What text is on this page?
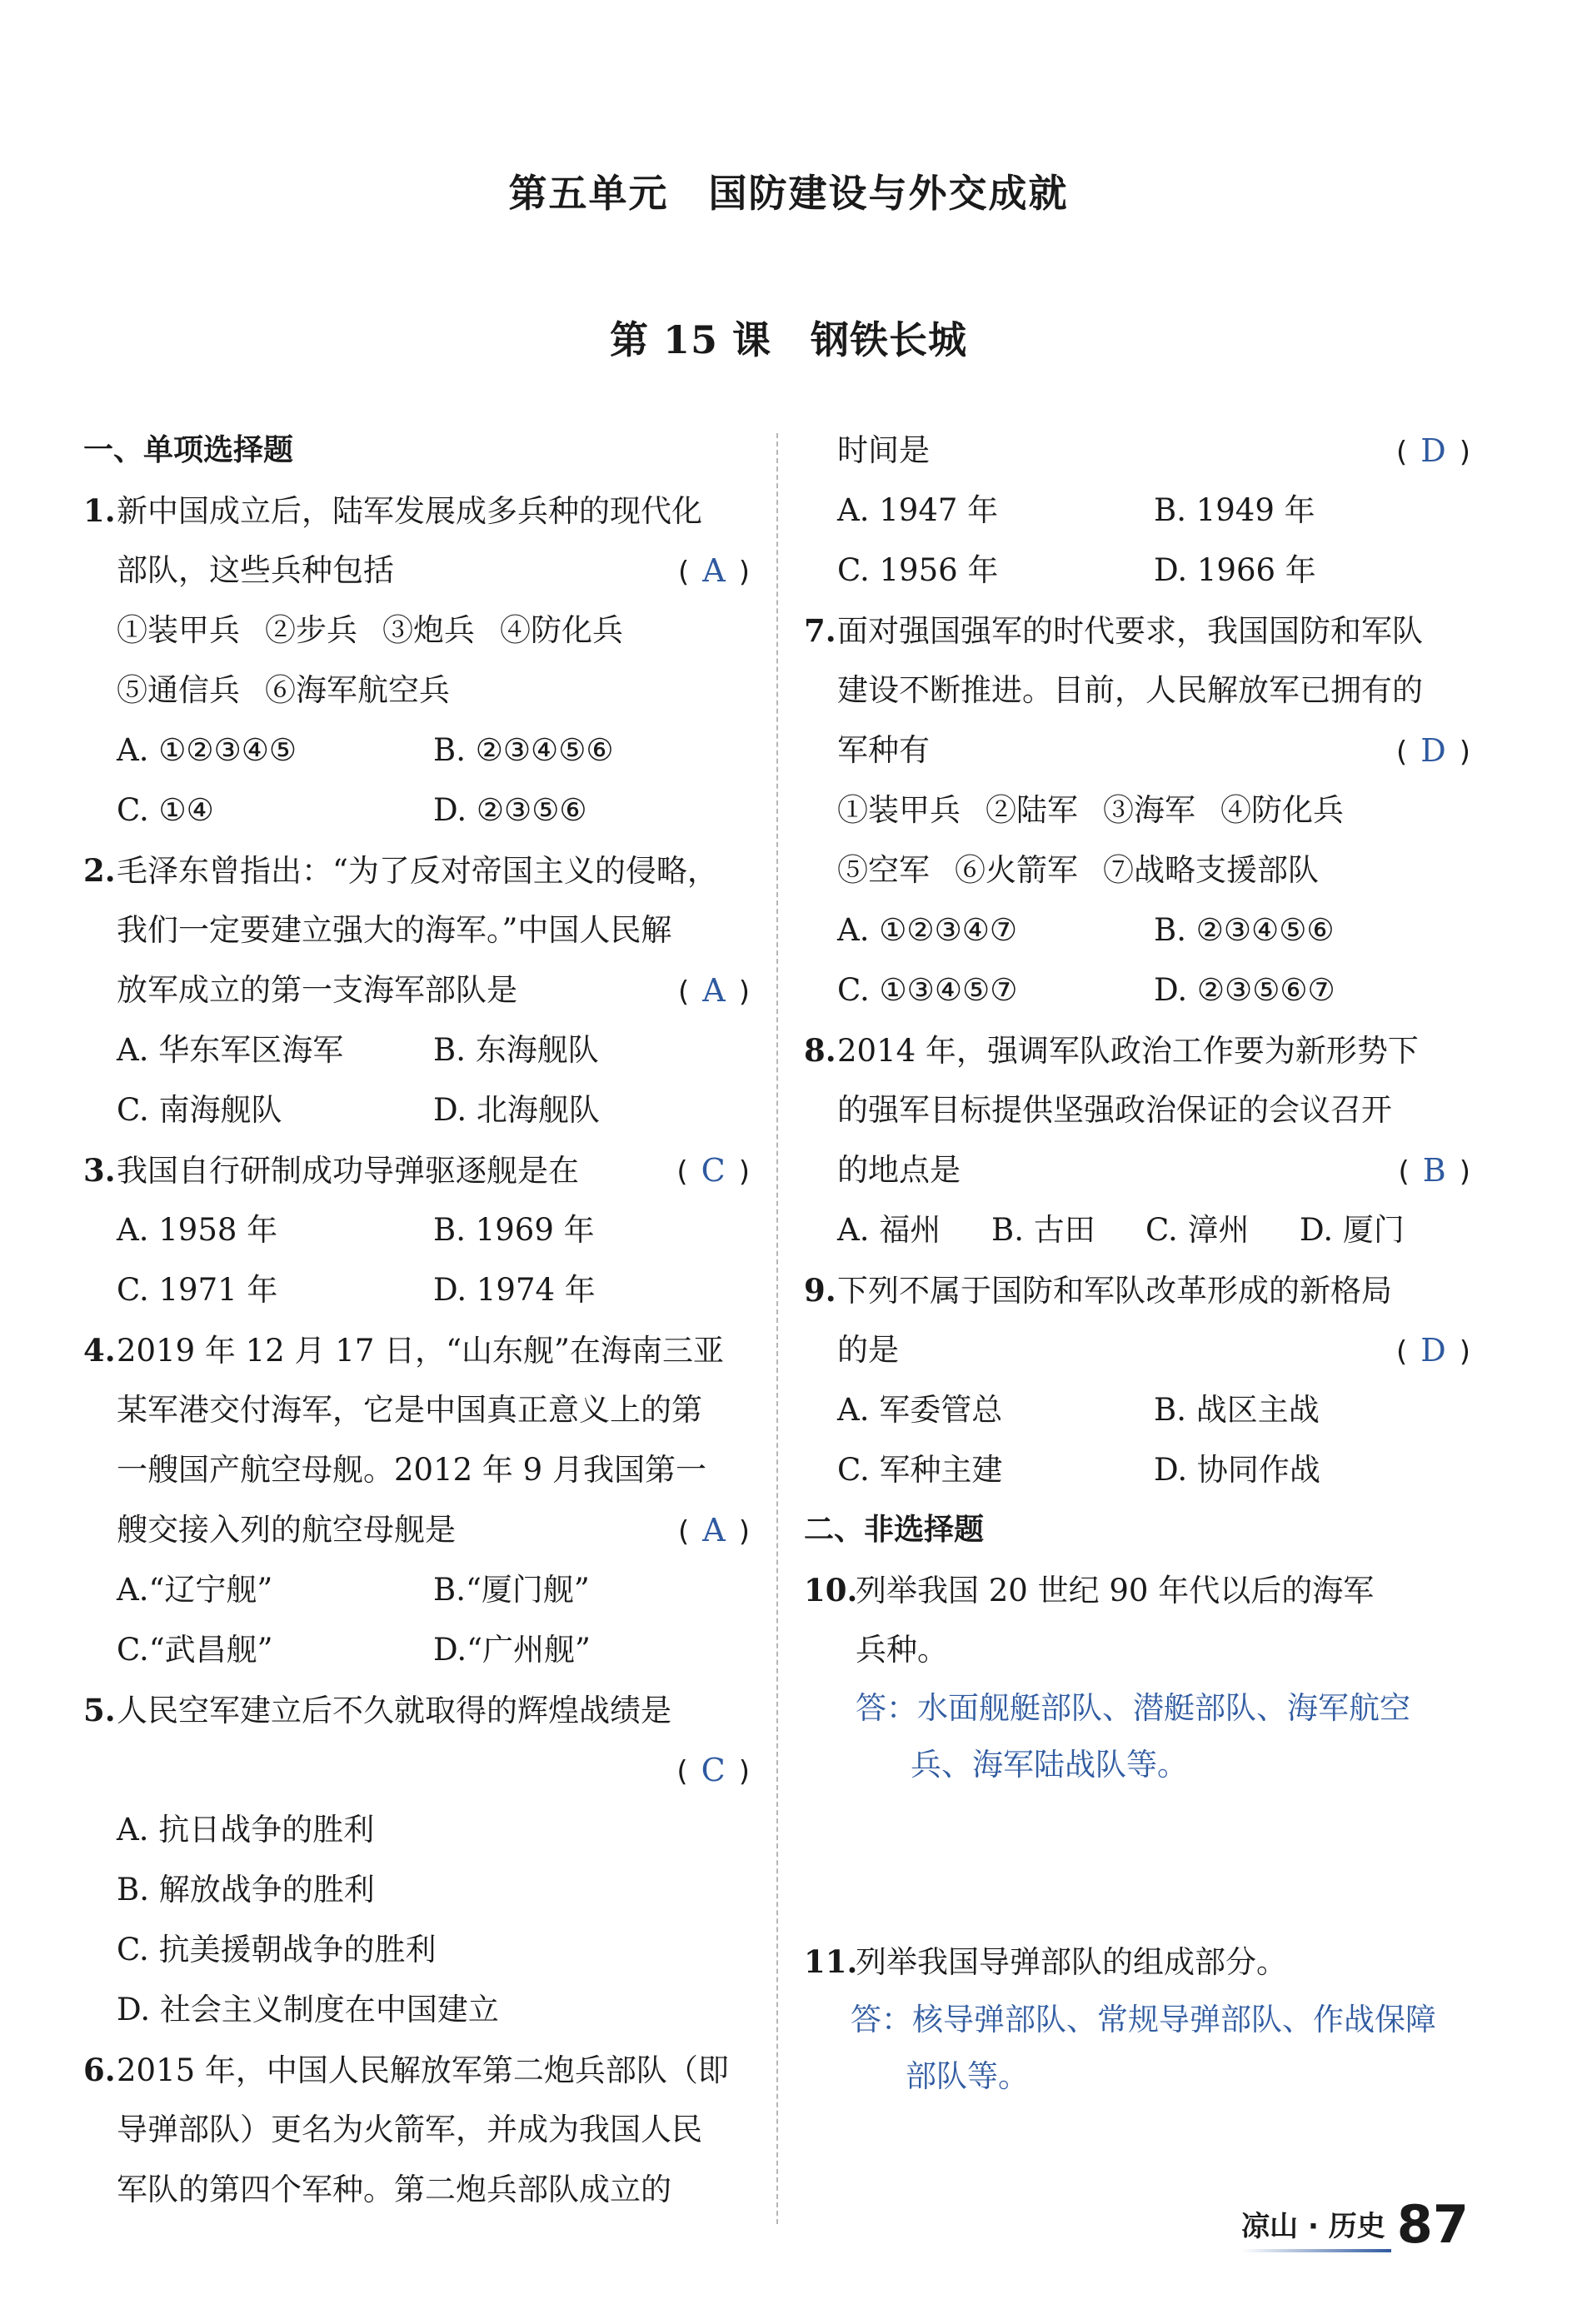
第五单元　国防建设与外交成就
第 15 课　钢铁长城
一、单项选择题
1.新中国成立后，陆军发展成多兵种的现代化
部队，这些兵种包括	( A )
①装甲兵 ②步兵 ③炮兵 ④防化兵
⑤通信兵 ⑥海军航空兵
A. ①②③④⑤	B. ②③④⑤⑥
C. ①④	D. ②③⑤⑥
2.毛泽东曾指出：“为了反对帝国主义的侵略，
我们一定要建立强大的海军。”中国人民解
放军成立的第一支海军部队是	( A )
A. 华东军区海军	B. 东海舰队
C. 南海舰队	D. 北海舰队
3.我国自行研制成功导弹驱逐舰是在	( C )
A. 1958 年	B. 1969 年
C. 1971 年	D. 1974 年
4.2019 年 12 月 17 日，“山东舰”在海南三亚
某军港交付海军，它是中国真正意义上的第
一艘国产航空母舰。2012 年 9 月我国第一
艘交接入列的航空母舰是	( A )
A.“辽宁舰”	B.“厦门舰”
C.“武昌舰”	D.“广州舰”
5.人民空军建立后不久就取得的辉煌战绩是
( C )
A. 抗日战争的胜利
B. 解放战争的胜利
C. 抗美援朝战争的胜利
D. 社会主义制度在中国建立
6.2015 年，中国人民解放军第二炮兵部队（即
导弹部队）更名为火箭军，并成为我国人民
军队的第四个军种。第二炮兵部队成立的
时间是	( D )
A. 1947 年	B. 1949 年
C. 1956 年	D. 1966 年
7.面对强国强军的时代要求，我国国防和军队
建设不断推进。目前，人民解放军已拥有的
军种有	( D )
①装甲兵 ②陆军 ③海军 ④防化兵
⑤空军 ⑥火箭军 ⑦战略支援部队
A. ①②③④⑦	B. ②③④⑤⑥
C. ①③④⑤⑦	D. ②③⑤⑥⑦
8.2014 年，强调军队政治工作要为新形势下
的强军目标提供坚强政治保证的会议召开
的地点是	( B )
A. 福州	B. 古田	C. 漳州	D. 厦门
9.下列不属于国防和军队改革形成的新格局
的是	( D )
A. 军委管总	B. 战区主战
C. 军种主建	D. 协同作战
二、非选择题
10.列举我国 20 世纪 90 年代以后的海军
兵种。
答：水面舰艇部队、潜艇部队、海军航空
兵、海军陆战队等。
11.列举我国导弹部队的组成部分。
答：核导弹部队、常规导弹部队、作战保障
部队等。
凉山 · 历史 87
